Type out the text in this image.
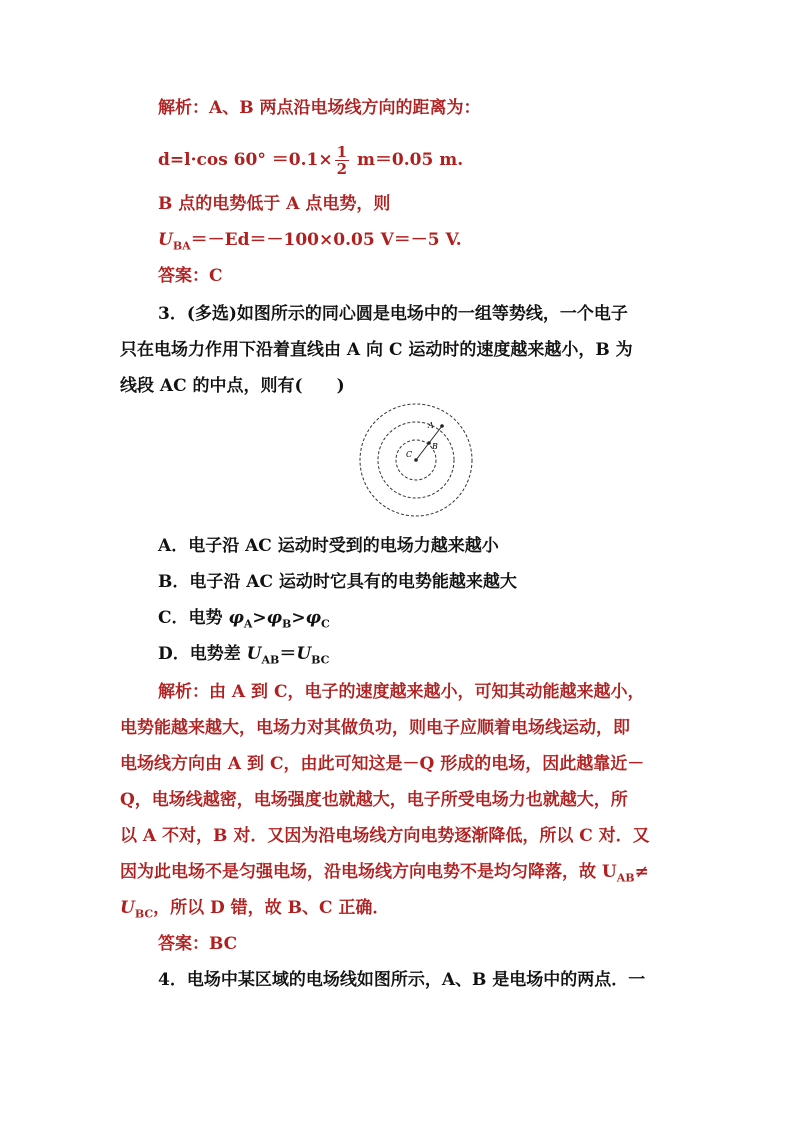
解析：A、B 两点沿电场线方向的距离为：
d=l·cos $60^\circ =0.1\times \frac{1}{2} m=0.05$ m.
B 点的电势低于 A 点电势，则
$U_{BA}=-Ed=-100\times 0.05$ V＝－5 V.
答案：C
3．(多选)如图所示的同心圆是电场中的一组等势线，一个电子
只在电场力作用下沿着直线由 A 向 C 运动时的速度越来越小，B 为
线段 AC 的中点，则有(　　)
A
B
C
A．电子沿 AC 运动时受到的电场力越来越小
B．电子沿 AC 运动时它具有的电势能越来越大
C．电势 $\varphi_A>\varphi_B>\varphi_C$
D．电势差 $U_{AB}=U_{BC}$
解析：由 A 到 C，电子的速度越来越小，可知其动能越来越小，
电势能越来越大，电场力对其做负功，则电子应顺着电场线运动，即
电场线方向由 A 到 C，由此可知这是－Q 形成的电场，因此越靠近－
Q，电场线越密，电场强度也就越大，电子所受电场力也就越大，所
以 A 不对，B 对．又因为沿电场线方向电势逐渐降低，所以 C 对．又
因为此电场不是匀强电场，沿电场线方向电势不是均匀降落，故 $U_{AB}\ne$
$U_{BC}$，所以 D 错，故 B、C 正确．
答案：BC
4．电场中某区域的电场线如图所示，A、B 是电场中的两点．一
